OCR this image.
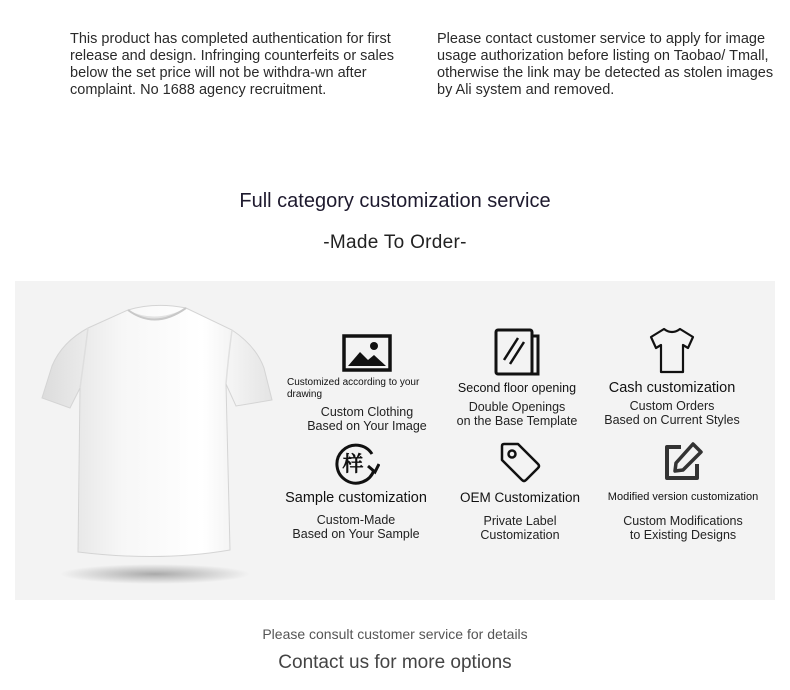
This product has completed authentication for first release and design. Infringing counterfeits or sales below the set price will not be withdra-wn after complaint. No 1688 agency recruitment.
Please contact customer service to apply for image usage authorization before listing on Taobao/ Tmall, otherwise the link may be detected as stolen images by Ali system and removed.
Full category customization service
-Made To Order-
Customized according to your drawing
Custom Clothing
Based on Your Image
Second floor opening
Double Openings
on the Base Template
Cash customization
Custom Orders
Based on Current Styles
样
Sample customization
Custom-Made
Based on Your Sample
OEM Customization
Private Label
Customization
Modified version customization
Custom Modifications
to Existing Designs
Please consult customer service for details
Contact us for more options
